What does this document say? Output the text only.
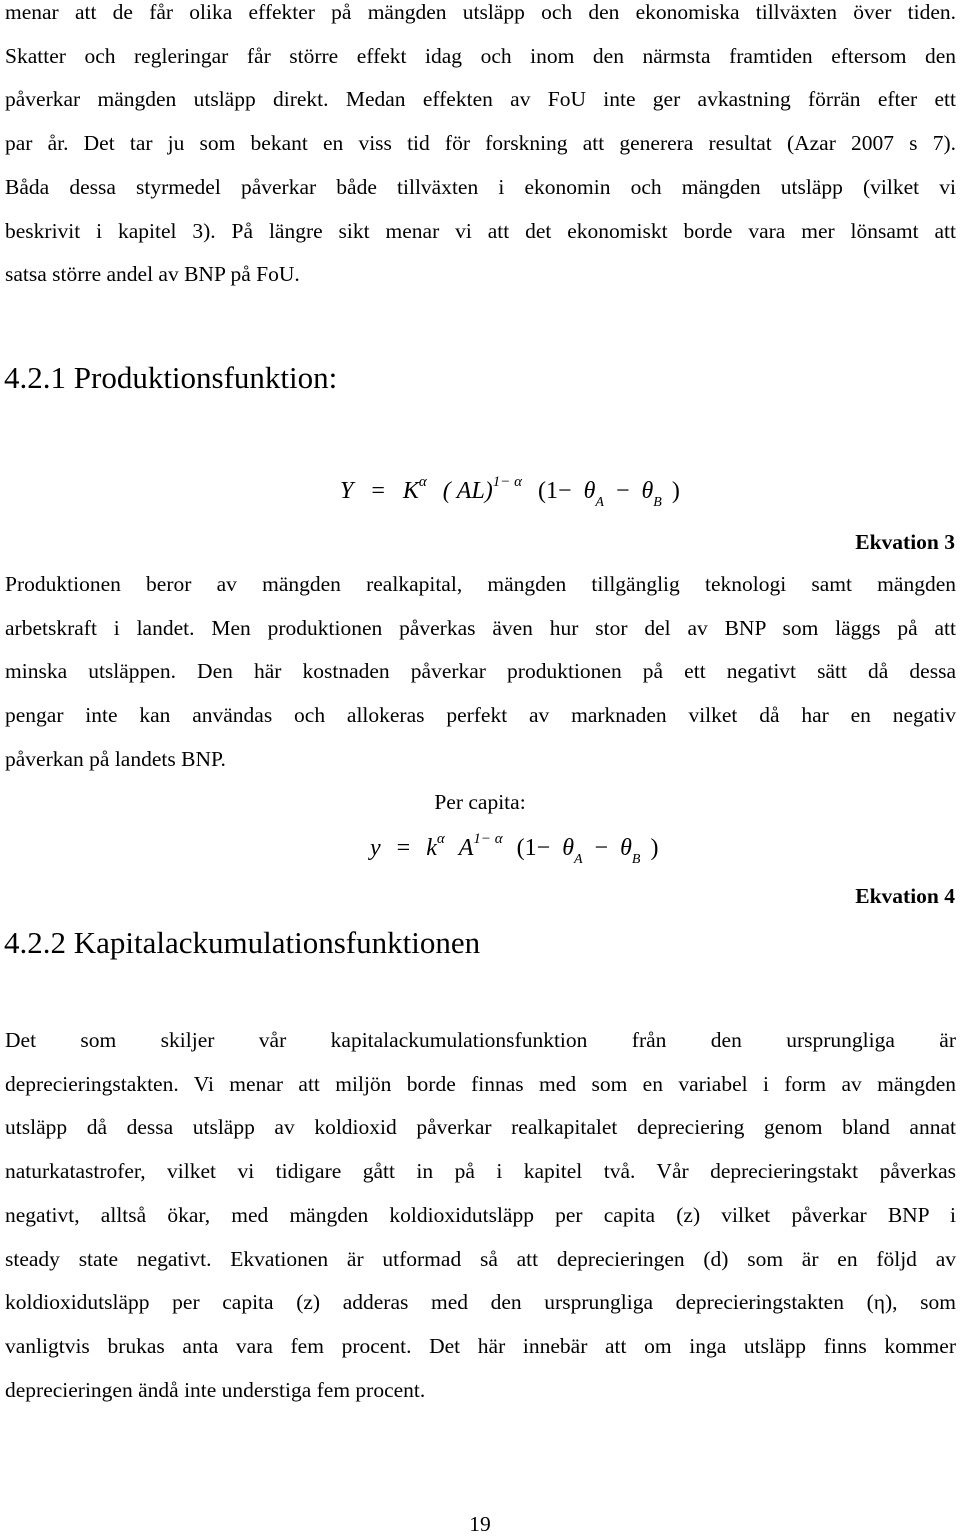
menar att de får olika effekter på mängden utsläpp och den ekonomiska tillväxten över tiden.
Skatter och regleringar får större effekt idag och inom den närmsta framtiden eftersom den
påverkar mängden utsläpp direkt. Medan effekten av FoU inte ger avkastning förrän efter ett
par år. Det tar ju som bekant en viss tid för forskning att generera resultat (Azar 2007 s 7).
Båda dessa styrmedel påverkar både tillväxten i ekonomin och mängden utsläpp (vilket vi
beskrivit i kapitel 3). På längre sikt menar vi att det ekonomiskt borde vara mer lönsamt att
satsa större andel av BNP på FoU.
4.2.1 Produktionsfunktion:
$Y = K^\alpha$ ( AL)$^{1- \alpha}$ ($1- \theta_A - \theta_B$ )

Ekvation 3

Produktionen beror av mängden realkapital, mängden tillgänglig teknologi samt mängden
arbetskraft i landet. Men produktionen påverkas även hur stor del av BNP som läggs på att
minska utsläppen. Den här kostnaden påverkar produktionen på ett negativt sätt då dessa
pengar inte kan användas och allokeras perfekt av marknaden vilket då har en negativ
påverkan på landets BNP.

Per capita:

$y = k^\alpha$ $A^{1- \alpha}$ ($1- \theta_A - \theta_B$ )

Ekvation 4

4.2.2 Kapitalackumulationsfunktionen
Det som skiljer vår kapitalackumulationsfunktion från den ursprungliga är
deprecieringstakten. Vi menar att miljön borde finnas med som en variabel i form av mängden
utsläpp då dessa utsläpp av koldioxid påverkar realkapitalet depreciering genom bland annat
naturkatastrofer, vilket vi tidigare gått in på i kapitel två. Vår deprecieringstakt påverkas
negativt, alltså ökar, med mängden koldioxidutsläpp per capita (z) vilket påverkar BNP i
steady state negativt. Ekvationen är utformad så att deprecieringen (d) som är en följd av
koldioxidutsläpp per capita (z) adderas med den ursprungliga deprecieringstakten (η), som
vanligtvis brukas anta vara fem procent. Det här innebär att om inga utsläpp finns kommer
deprecieringen ändå inte understiga fem procent.

19
